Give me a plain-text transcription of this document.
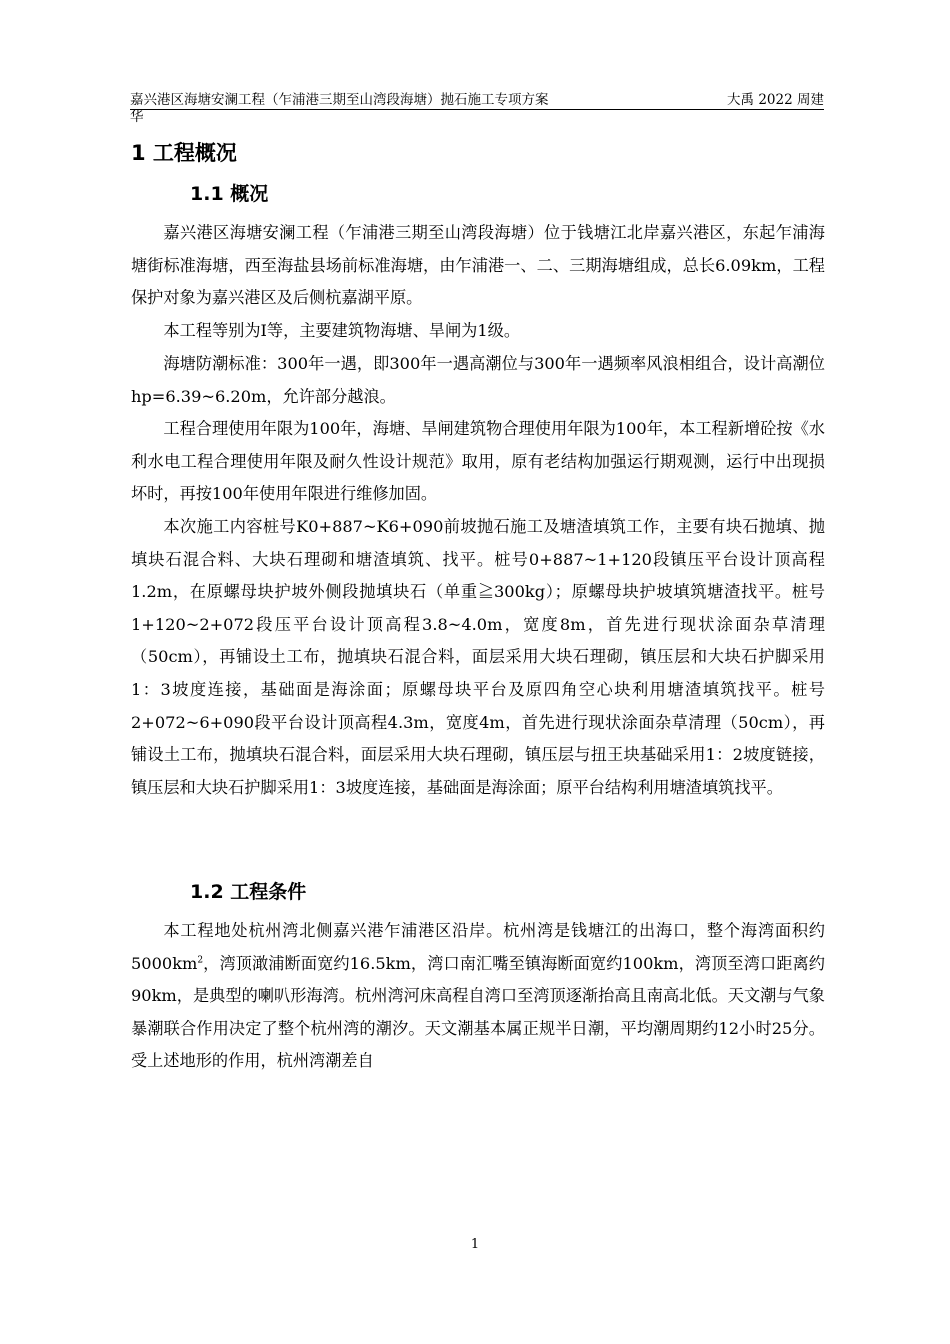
嘉兴港区海塘安澜工程（乍浦港三期至山湾段海塘）抛石施工专项方案	大禹 2022 周建
华
1 工程概况
1.1 概况

嘉兴港区海塘安澜工程（乍浦港三期至山湾段海塘）位于钱塘江北岸嘉兴港区，东起乍浦海塘街标准海塘，西至海盐县场前标准海塘，由乍浦港一、二、三期海塘组成，总长6.09km，工程保护对象为嘉兴港区及后侧杭嘉湖平原。

本工程等别为Ⅰ等，主要建筑物海塘、旱闸为1级。

海塘防潮标准：300年一遇，即300年一遇高潮位与300年一遇频率风浪相组合，设计高潮位hp=6.39~6.20m，允许部分越浪。

工程合理使用年限为100年，海塘、旱闸建筑物合理使用年限为100年，本工程新增砼按《水利水电工程合理使用年限及耐久性设计规范》取用，原有老结构加强运行期观测，运行中出现损坏时，再按100年使用年限进行维修加固。

本次施工内容桩号K0+887~K6+090前坡抛石施工及塘渣填筑工作，主要有块石抛填、抛填块石混合料、大块石理砌和塘渣填筑、找平。桩号0+887~1+120段镇压平台设计顶高程1.2m，在原螺母块护坡外侧段抛填块石（单重≧300kg）；原螺母块护坡填筑塘渣找平。桩号1+120~2+072段压平台设计顶高程3.8~4.0m，宽度8m，首先进行现状涂面杂草清理（50cm），再铺设土工布，抛填块石混合料，面层采用大块石理砌，镇压层和大块石护脚采用1：3坡度连接，基础面是海涂面；原螺母块平台及原四角空心块利用塘渣填筑找平。桩号2+072~6+090段平台设计顶高程4.3m，宽度4m，首先进行现状涂面杂草清理（50cm），再铺设土工布，抛填块石混合料，面层采用大块石理砌，镇压层与扭王块基础采用1：2坡度链接，镇压层和大块石护脚采用1：3坡度连接，基础面是海涂面；原平台结构利用塘渣填筑找平。

1.2 工程条件

本工程地处杭州湾北侧嘉兴港乍浦港区沿岸。杭州湾是钱塘江的出海口，整个海湾面积约$5000km^2$，湾顶澉浦断面宽约16.5km，湾口南汇嘴至镇海断面宽约100km，湾顶至湾口距离约90km，是典型的喇叭形海湾。杭州湾河床高程自湾口至湾顶逐渐抬高且南高北低。天文潮与气象暴潮联合作用决定了整个杭州湾的潮汐。天文潮基本属正规半日潮，平均潮周期约12小时25分。受上述地形的作用，杭州湾潮差自

1
